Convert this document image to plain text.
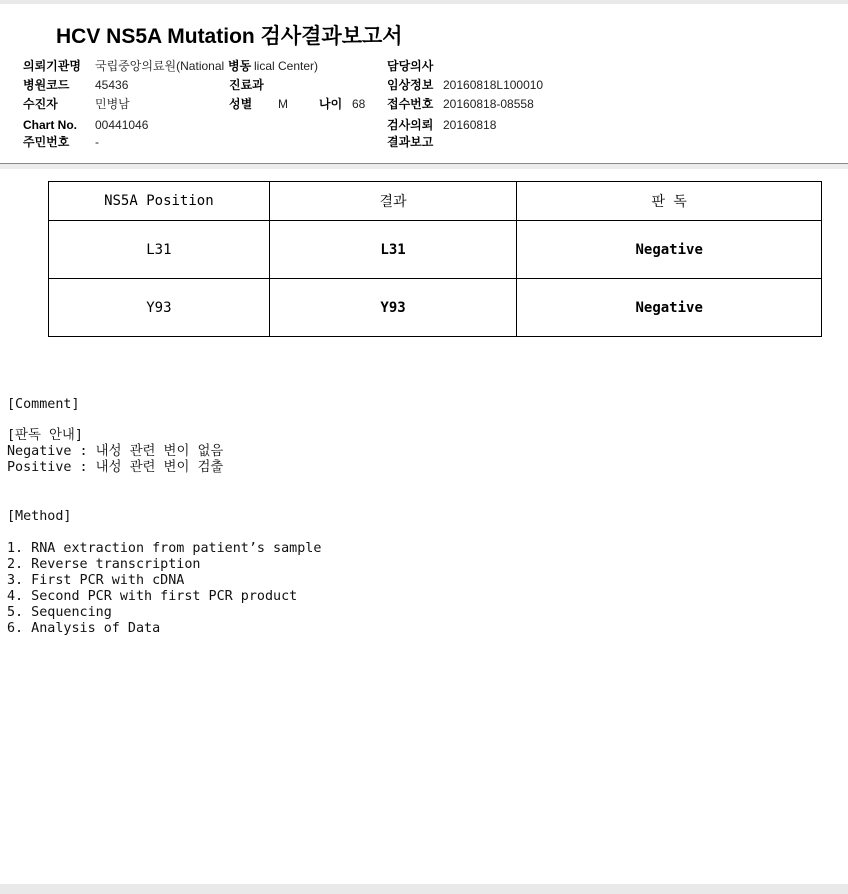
HCV NS5A Mutation 검사결과보고서
의뢰기관명 국립중앙의료원(National 병동 lical Center)	담당의사
병원코드 45436	진료과	임상정보 20160818L100010
수진자	민병남	성별 M	나이 68 접수번호 20160818-08558
Chart No. 00441046	검사의뢰 20160818
주민번호 -	결과보고
NS5A Position	결과	판 독
L31	L31	Negative
Y93	Y93	Negative
[Comment]
[판독 안내]
Negative : 내성 관련 변이 없음
Positive : 내성 관련 변이 검출
[Method]
1. RNA extraction from patient’s sample
2. Reverse transcription
3. First PCR with cDNA
4. Second PCR with first PCR product
5. Sequencing
6. Analysis of Data
